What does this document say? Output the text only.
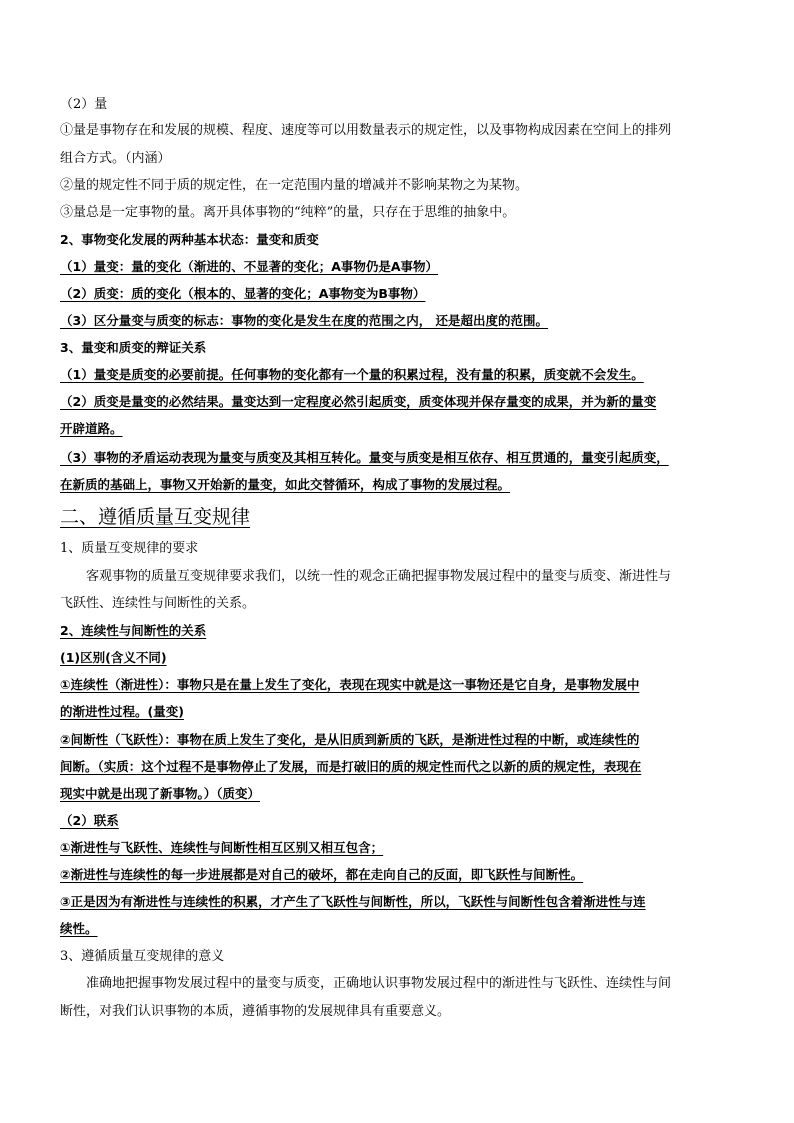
（2）量
①量是事物存在和发展的规模、程度、速度等可以用数量表示的规定性，以及事物构成因素在空间上的排列
组合方式。（内涵）
②量的规定性不同于质的规定性，在一定范围内量的增减并不影响某物之为某物。
③量总是一定事物的量。离开具体事物的“纯粹”的量，只存在于思维的抽象中。
2、事物变化发展的两种基本状态：量变和质变
（1）量变：量的变化（渐进的、不显著的变化；A事物仍是A事物）
（2）质变：质的变化（根本的、显著的变化；A事物变为B事物）
（3）区分量变与质变的标志：事物的变化是发生在度的范围之内， 还是超出度的范围。
3、量变和质变的辩证关系
（1）量变是质变的必要前提。任何事物的变化都有一个量的积累过程，没有量的积累，质变就不会发生。
（2）质变是量变的必然结果。量变达到一定程度必然引起质变，质变体现并保存量变的成果，并为新的量变
开辟道路。
（3）事物的矛盾运动表现为量变与质变及其相互转化。量变与质变是相互依存、相互贯通的，量变引起质变，
在新质的基础上，事物又开始新的量变，如此交替循环，构成了事物的发展过程。
二、遵循质量互变规律
1、质量互变规律的要求
客观事物的质量互变规律要求我们，以统一性的观念正确把握事物发展过程中的量变与质变、渐进性与
飞跃性、连续性与间断性的关系。
2、连续性与间断性的关系
(1)区别(含义不同)
①连续性（渐进性）：事物只是在量上发生了变化，表现在现实中就是这一事物还是它自身，是事物发展中
的渐进性过程。(量变)
②间断性（飞跃性）：事物在质上发生了变化，是从旧质到新质的飞跃，是渐进性过程的中断，或连续性的
间断。（实质：这个过程不是事物停止了发展，而是打破旧的质的规定性而代之以新的质的规定性，表现在
现实中就是出现了新事物。）（质变）
（2）联系
①渐进性与飞跃性、连续性与间断性相互区别又相互包含；
②渐进性与连续性的每一步进展都是对自己的破坏，都在走向自己的反面，即飞跃性与间断性。
③正是因为有渐进性与连续性的积累，才产生了飞跃性与间断性，所以，飞跃性与间断性包含着渐进性与连
续性。
3、遵循质量互变规律的意义
准确地把握事物发展过程中的量变与质变，正确地认识事物发展过程中的渐进性与飞跃性、连续性与间
断性，对我们认识事物的本质，遵循事物的发展规律具有重要意义。
